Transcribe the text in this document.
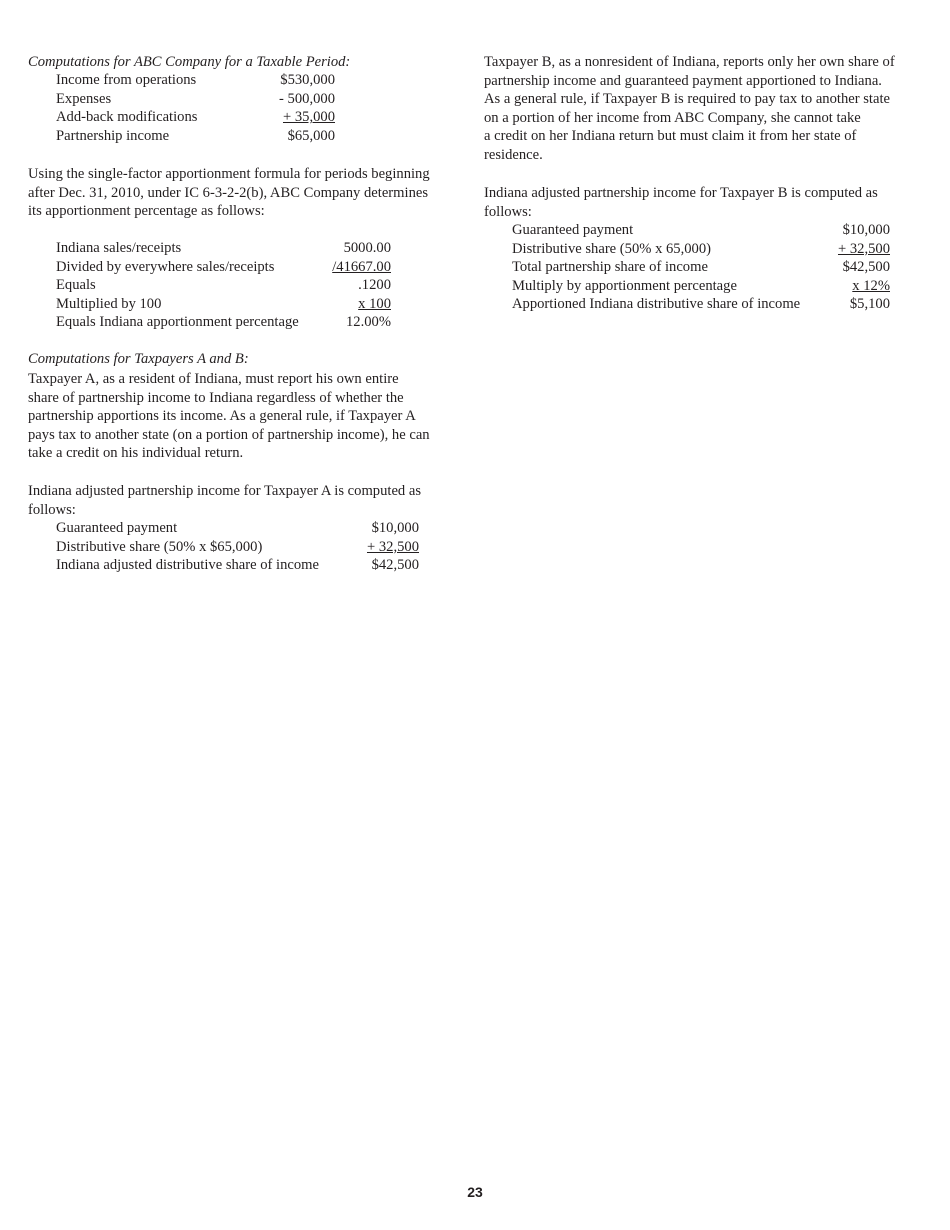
Computations for ABC Company for a Taxable Period:
Income from operations	$530,000
Expenses	- 500,000
Add-back modifications	+ 35,000
Partnership income	$65,000
Using the single-factor apportionment formula for periods beginning
after Dec. 31, 2010, under IC 6-3-2-2(b), ABC Company determines
its apportionment percentage as follows:
Indiana sales/receipts	5000.00
Divided by everywhere sales/receipts	/41667.00
Equals	.1200
Multiplied by 100	x 100
Equals Indiana apportionment percentage	12.00%
Computations for Taxpayers A and B:
Taxpayer A, as a resident of Indiana, must report his own entire
share of partnership income to Indiana regardless of whether the
partnership apportions its income. As a general rule, if Taxpayer A
pays tax to another state (on a portion of partnership income), he can
take a credit on his individual return.
Indiana adjusted partnership income for Taxpayer A is computed as
follows:
Guaranteed payment	$10,000
Distributive share (50% x $65,000)	+ 32,500
Indiana adjusted distributive share of income	$42,500
Taxpayer B, as a nonresident of Indiana, reports only her own share of
partnership income and guaranteed payment apportioned to Indiana.
As a general rule, if Taxpayer B is required to pay tax to another state
on a portion of her income from ABC Company, she cannot take
a credit on her Indiana return but must claim it from her state of
residence.
Indiana adjusted partnership income for Taxpayer B is computed as
follows:
Guaranteed payment	$10,000
Distributive share (50% x 65,000)	+ 32,500
Total partnership share of income	$42,500
Multiply by apportionment percentage	x 12%
Apportioned Indiana distributive share of income	$5,100
23
